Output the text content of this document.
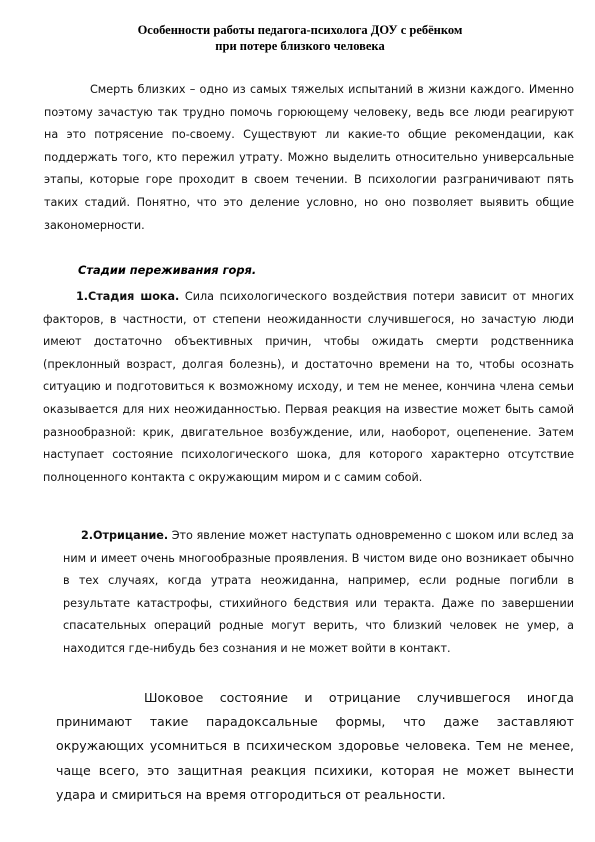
Особенности работы педагога-психолога ДОУ с ребёнком
при потере близкого человека
Смерть близких – одно из самых тяжелых испытаний в жизни каждого. Именно поэтому зачастую так трудно помочь горюющему человеку, ведь все люди реагируют на это потрясение по-своему. Существуют ли какие-то общие рекомендации, как поддержать того, кто пережил утрату. Можно выделить относительно универсальные этапы, которые горе проходит в своем течении. В психологии разграничивают пять таких стадий. Понятно, что это деление условно, но оно позволяет выявить общие закономерности.
Стадии переживания горя.
1.Стадия шока. Сила психологического воздействия потери зависит от многих факторов, в частности, от степени неожиданности случившегося, но зачастую люди имеют достаточно объективных причин, чтобы ожидать смерти родственника (преклонный возраст, долгая болезнь), и достаточно времени на то, чтобы осознать ситуацию и подготовиться к возможному исходу, и тем не менее, кончина члена семьи оказывается для них неожиданностью. Первая реакция на известие может быть самой разнообразной: крик, двигательное возбуждение, или, наоборот, оцепенение. Затем наступает состояние психологического шока, для которого характерно отсутствие полноценного контакта с окружающим миром и с самим собой.
2.Отрицание. Это явление может наступать одновременно с шоком или вслед за ним и имеет очень многообразные проявления. В чистом виде оно возникает обычно в тех случаях, когда утрата неожиданна, например, если родные погибли в результате катастрофы, стихийного бедствия или теракта. Даже по завершении спасательных операций родные могут верить, что близкий человек не умер, а находится где-нибудь без сознания и не может войти в контакт.
Шоковое состояние и отрицание случившегося иногда принимают такие парадоксальные формы, что даже заставляют окружающих усомниться в психическом здоровье человека. Тем не менее, чаще всего, это защитная реакция психики, которая не может вынести удара и смириться на время отгородиться от реальности.
